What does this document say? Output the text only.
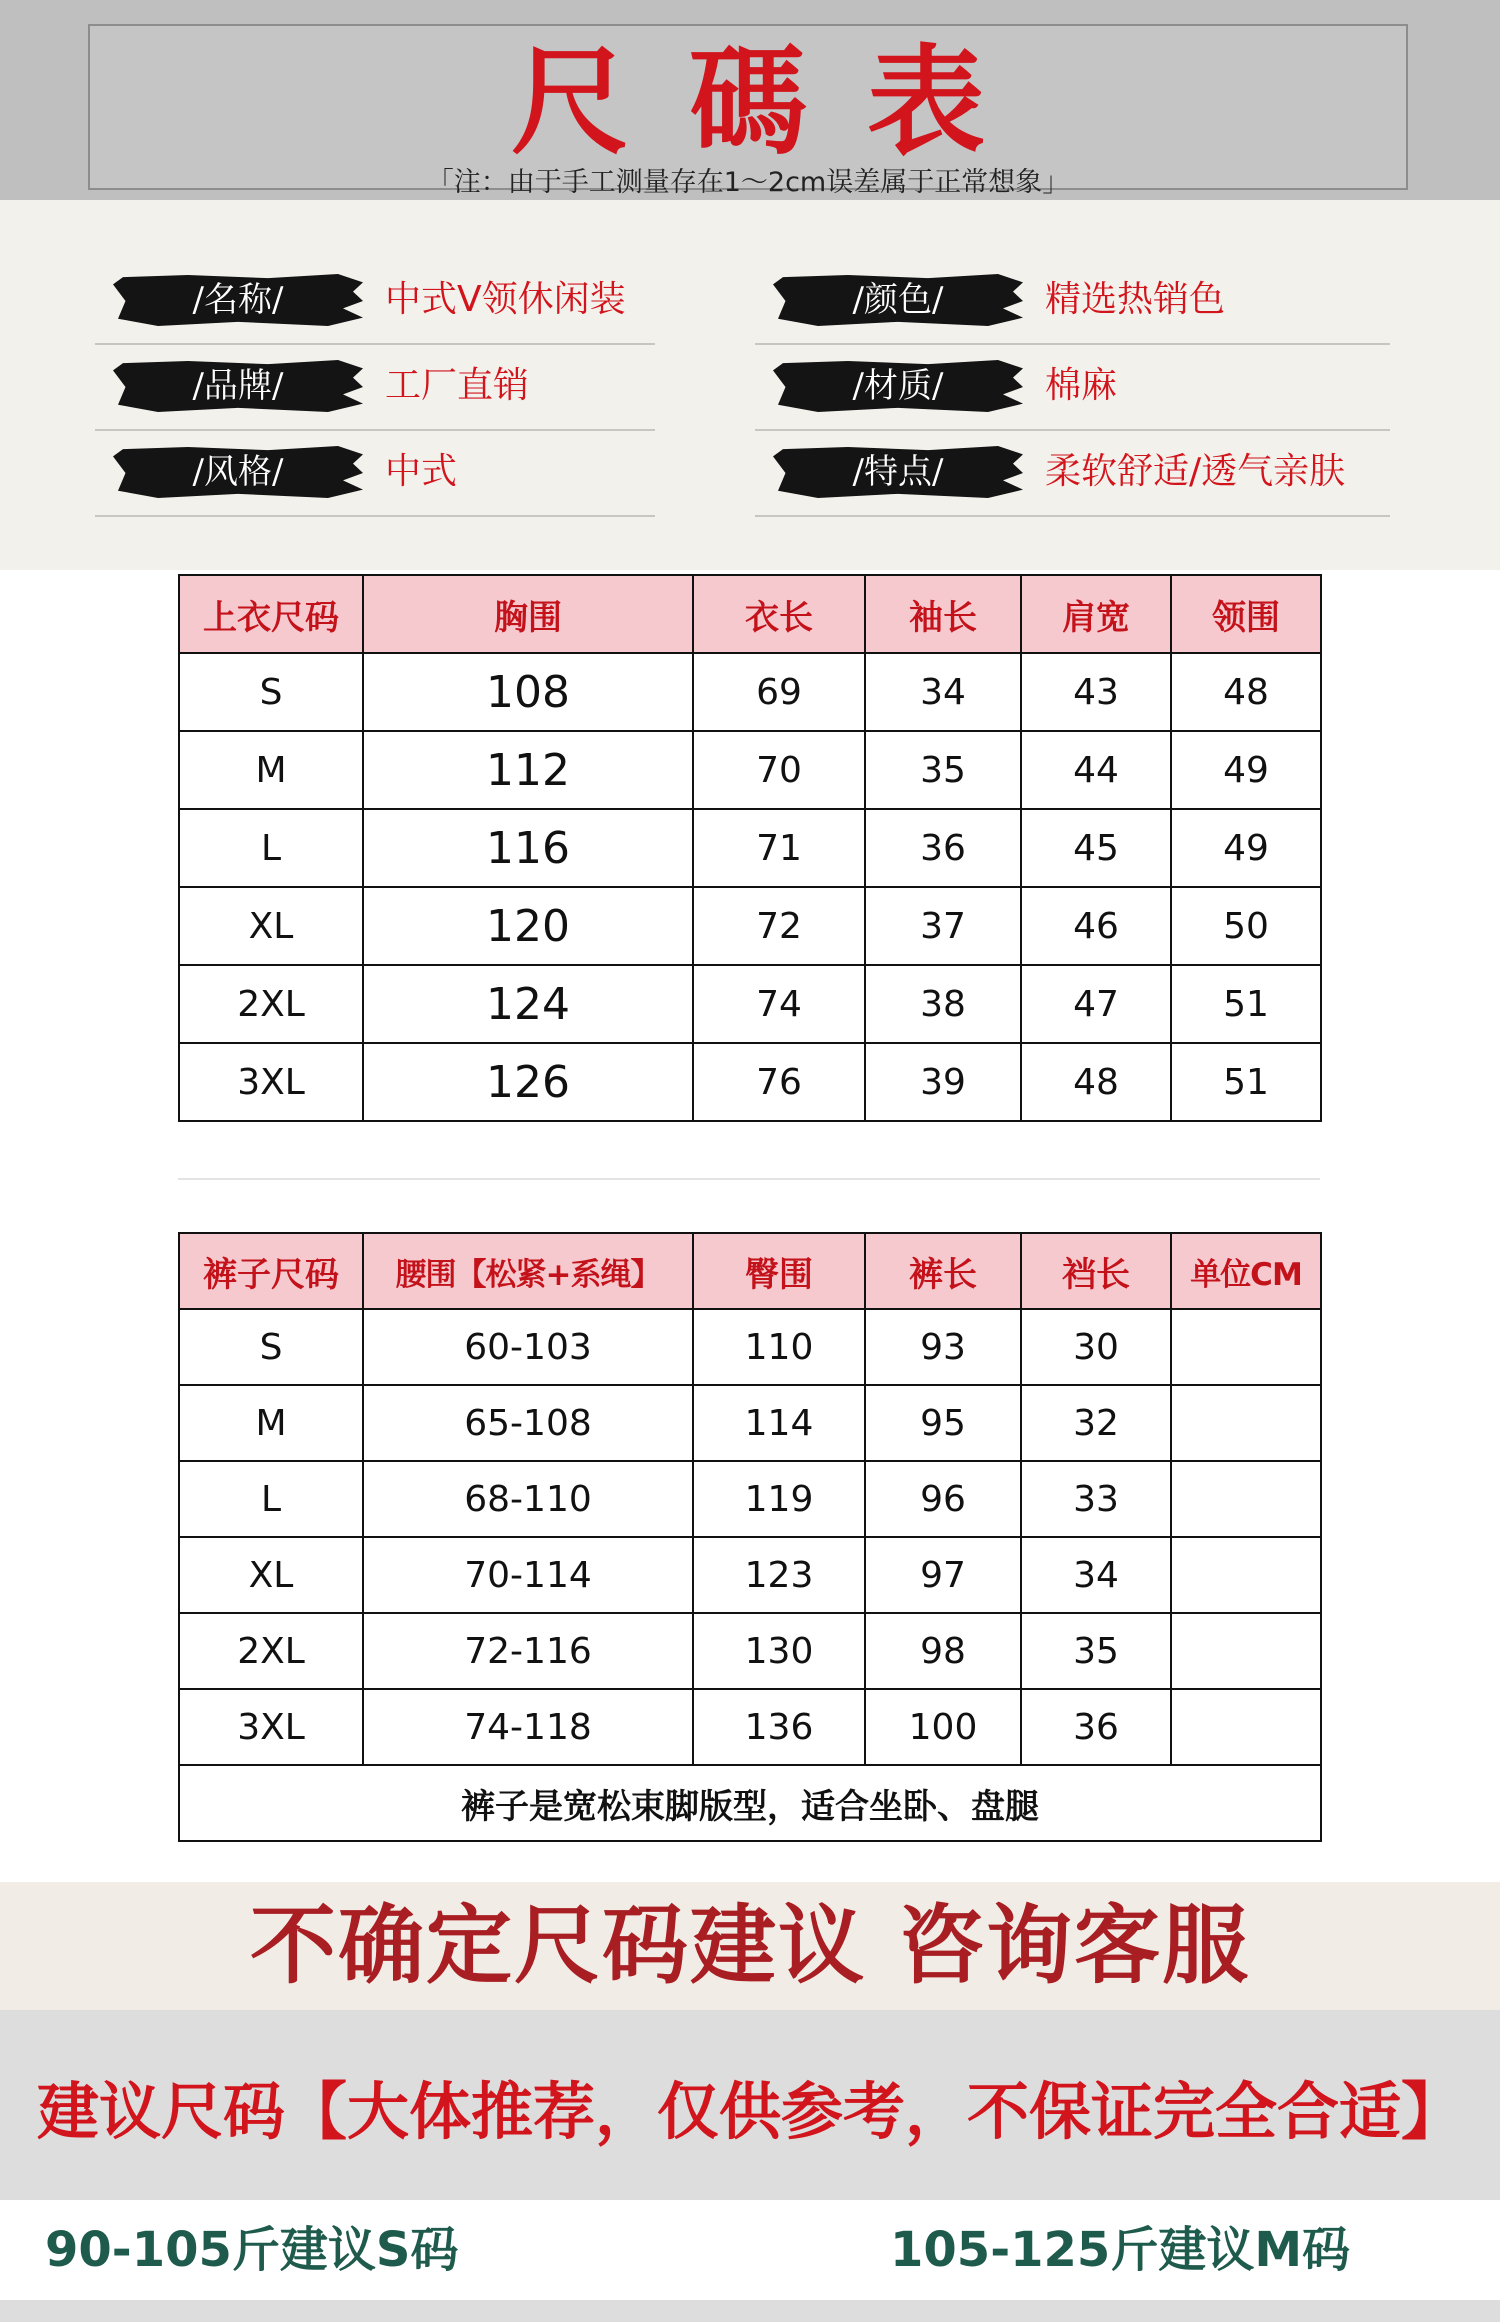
尺碼表
「注：由于手工测量存在1～2cm误差属于正常想象」
/名称/	中式V领休闲装	/颜色/	精选热销色
/品牌/	工厂直销	/材质/	棉麻
/风格/	中式	/特点/	柔软舒适/透气亲肤
上衣尺码	胸围	衣长	袖长	肩宽	领围
S	108	69	34	43	48
M	112	70	35	44	49
L	116	71	36	45	49
XL	120	72	37	46	50
2XL	124	74	38	47	51
3XL	126	76	39	48	51
裤子尺码	腰围【松紧+系绳】	臀围	裤长	裆长	单位CM
S	60-103	110	93	30	
M	65-108	114	95	32	
L	68-110	119	96	33	
XL	70-114	123	97	34	
2XL	72-116	130	98	35	
3XL	74-118	136	100	36	
裤子是宽松束脚版型，适合坐卧、盘腿					
不确定尺码建议 咨询客服
建议尺码【大体推荐，仅供参考，不保证完全合适】
90-105斤建议S码	105-125斤建议M码
